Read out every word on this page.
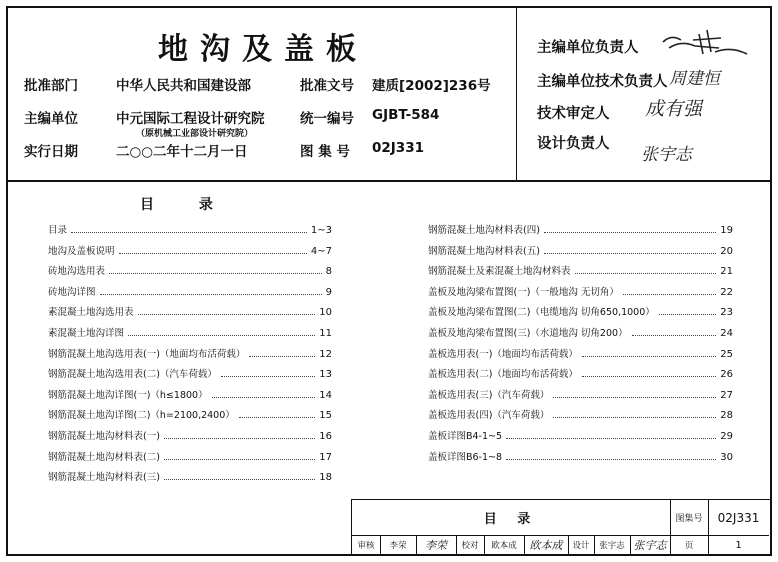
地沟及盖板
批准部门	中华人民共和国建设部	批准文号 建质[2002]236号
主编单位	中元国际工程设计研究院
（原机械工业部设计研究院）
统一编号 GJBT-584
实行日期	二○○二年十二月一日	图 集 号 02J331
主编单位负责人
主编单位技术负责人 周建恒
技术审定人 成有强
设计负责人
张宇志
目 录
目录	1~3
地沟及盖板说明	4~7
砖地沟选用表	8
砖地沟详图	9
素混凝土地沟选用表	10
素混凝土地沟详图	11
钢筋混凝土地沟选用表(一)（地面均布活荷载）	12
钢筋混凝土地沟选用表(二)（汽车荷载）	13
钢筋混凝土地沟详图(一)（h≤1800）	14
钢筋混凝土地沟详图(二)（h=2100,2400）	15
钢筋混凝土地沟材料表(一)	16
钢筋混凝土地沟材料表(二)	17
钢筋混凝土地沟材料表(三)	18
钢筋混凝土地沟材料表(四)	19
钢筋混凝土地沟材料表(五)	20
钢筋混凝土及素混凝土地沟材料表	21
盖板及地沟梁布置图(一)（一般地沟 无切角）	22
盖板及地沟梁布置图(二)（电缆地沟 切角650,1000）	23
盖板及地沟梁布置图(三)（水道地沟 切角200）	24
盖板选用表(一)（地面均布活荷载）	25
盖板选用表(二)（地面均布活荷载）	26
盖板选用表(三)（汽车荷载）	27
盖板选用表(四)（汽车荷载）	28
盖板详图B4-1~5	29
盖板详图B6-1~8	30
目 录	图集号	02J331
审核	李荣	李荣	校对	欧本成	欧本成	设计	张宇志 张宇志	页	1
